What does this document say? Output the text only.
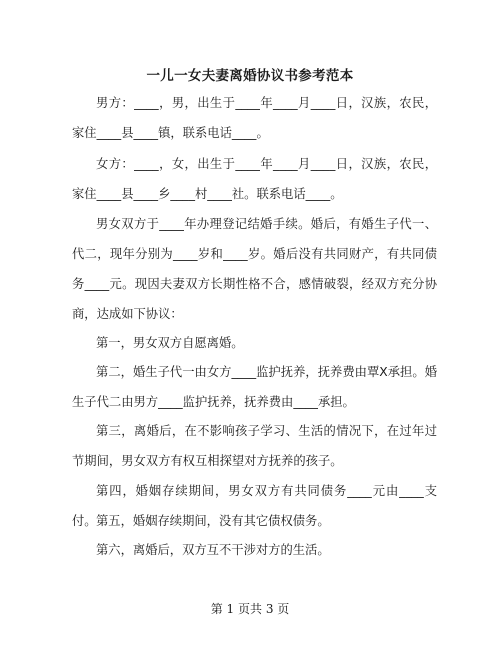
一儿一女夫妻离婚协议书参考范本

男方：____，男，出生于____年____月____日，汉族，农民，家住____县____镇，联系电话____。

女方：____，女，出生于____年____月____日，汉族，农民，家住____县____乡____村____社。联系电话____。

男女双方于____年办理登记结婚手续。婚后，有婚生子代一、代二，现年分别为____岁和____岁。婚后没有共同财产，有共同债务____元。现因夫妻双方长期性格不合，感情破裂，经双方充分协商，达成如下协议：

第一，男女双方自愿离婚。

第二，婚生子代一由女方____监护抚养，抚养费由覃X承担。婚生子代二由男方____监护抚养，抚养费由____承担。

第三，离婚后，在不影响孩子学习、生活的情况下，在过年过节期间，男女双方有权互相探望对方抚养的孩子。

第四，婚姻存续期间，男女双方有共同债务____元由____支付。 第五，婚姻存续期间，没有其它债权债务。

第六，离婚后，双方互不干涉对方的生活。

第 1 页共 3 页
